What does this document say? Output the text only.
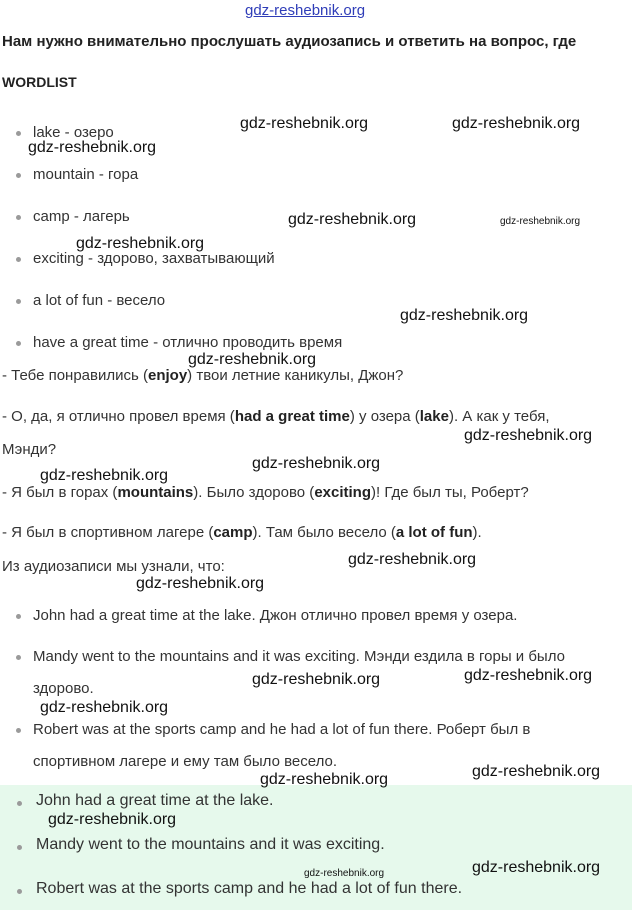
gdz-reshebnik.org
Нам нужно внимательно прослушать аудиозапись и ответить на вопрос, где
WORDLIST
lake - озеро
mountain - гора
camp - лагерь
exciting - здорово, захватывающий
a lot of fun - весело
have a great time - отлично проводить время
- Тебе понравились (enjoy) твои летние каникулы, Джон?
- О, да, я отлично провел время (had a great time) у озера (lake). А как у тебя,
Мэнди?
- Я был в горах (mountains). Было здорово (exciting)! Где был ты, Роберт?
- Я был в спортивном лагере (camp). Там было весело (a lot of fun).
Из аудиозаписи мы узнали, что:
John had a great time at the lake. Джон отлично провел время у озера.
Mandy went to the mountains and it was exciting. Мэнди ездила в горы и было здорово.
Robert was at the sports camp and he had a lot of fun there. Роберт был в спортивном лагере и ему там было весело.
John had a great time at the lake.
Mandy went to the mountains and it was exciting.
Robert was at the sports camp and he had a lot of fun there.
gdz-reshebnik.org	gdz-reshebnik.org
gdz-reshebnik.org
gdz-reshebnik.org	gdz-reshebnik.org
gdz-reshebnik.org
gdz-reshebnik.org
gdz-reshebnik.org
gdz-reshebnik.org
gdz-reshebnik.org
gdz-reshebnik.org
gdz-reshebnik.org
gdz-reshebnik.org
gdz-reshebnik.org	gdz-reshebnik.org
gdz-reshebnik.org
gdz-reshebnik.org	gdz-reshebnik.org
gdz-reshebnik.org
gdz-reshebnik.org
gdz-reshebnik.org
